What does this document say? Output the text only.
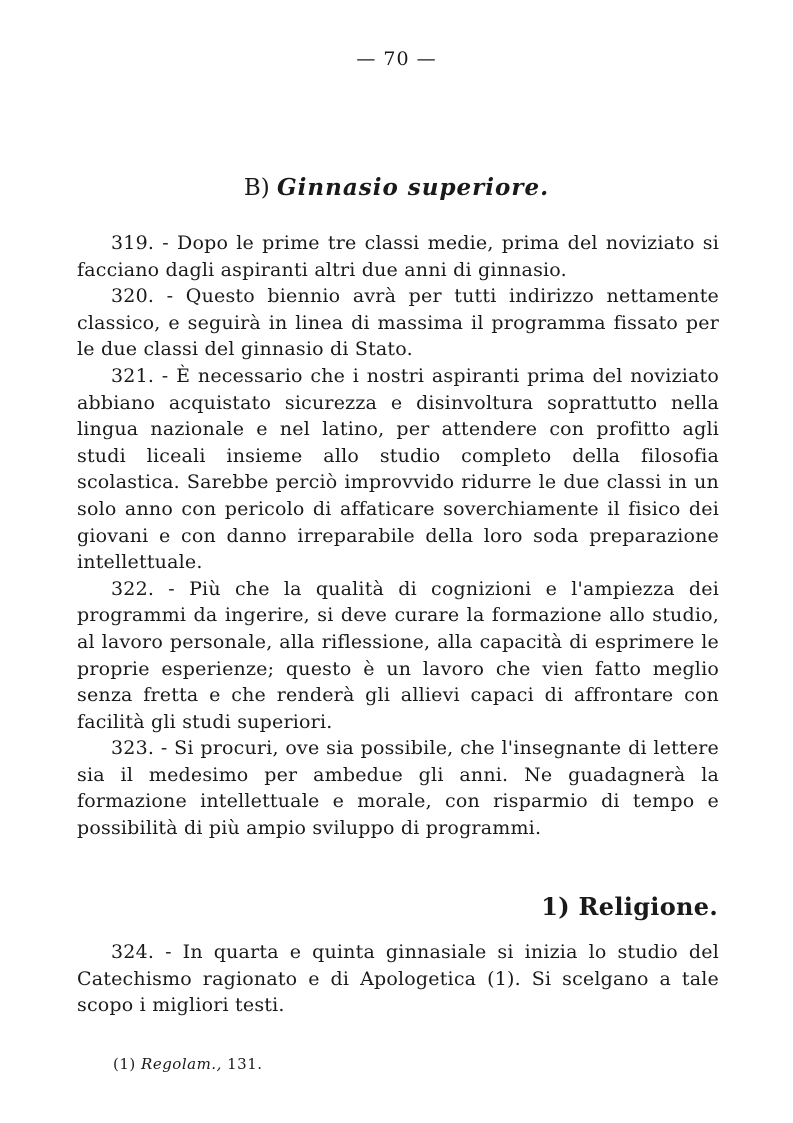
— 70 —
B) Ginnasio superiore.

319. - Dopo le prime tre classi medie, prima del noviziato si facciano dagli aspiranti altri due anni di ginnasio.

320. - Questo biennio avrà per tutti indirizzo nettamente classico, e seguirà in linea di massima il programma fissato per le due classi del ginnasio di Stato.

321. - È necessario che i nostri aspiranti prima del noviziato abbiano acquistato sicurezza e disinvoltura soprattutto nella lingua nazionale e nel latino, per attendere con profitto agli studi liceali insieme allo studio completo della filosofia scolastica. Sarebbe perciò improvvido ridurre le due classi in un solo anno con pericolo di affaticare soverchiamente il fisico dei giovani e con danno irreparabile della loro soda preparazione intellettuale.

322. - Più che la qualità di cognizioni e l'ampiezza dei programmi da ingerire, si deve curare la formazione allo studio, al lavoro personale, alla riflessione, alla capacità di esprimere le proprie esperienze; questo è un lavoro che vien fatto meglio senza fretta e che renderà gli allievi capaci di affrontare con facilità gli studi superiori.

323. - Si procuri, ove sia possibile, che l'insegnante di lettere sia il medesimo per ambedue gli anni. Ne guadagnerà la formazione intellettuale e morale, con risparmio di tempo e possibilità di più ampio sviluppo di programmi.

1) Religione.

324. - In quarta e quinta ginnasiale si inizia lo studio del Catechismo ragionato e di Apologetica (1). Si scelgano a tale scopo i migliori testi.

(1) Regolam., 131.
